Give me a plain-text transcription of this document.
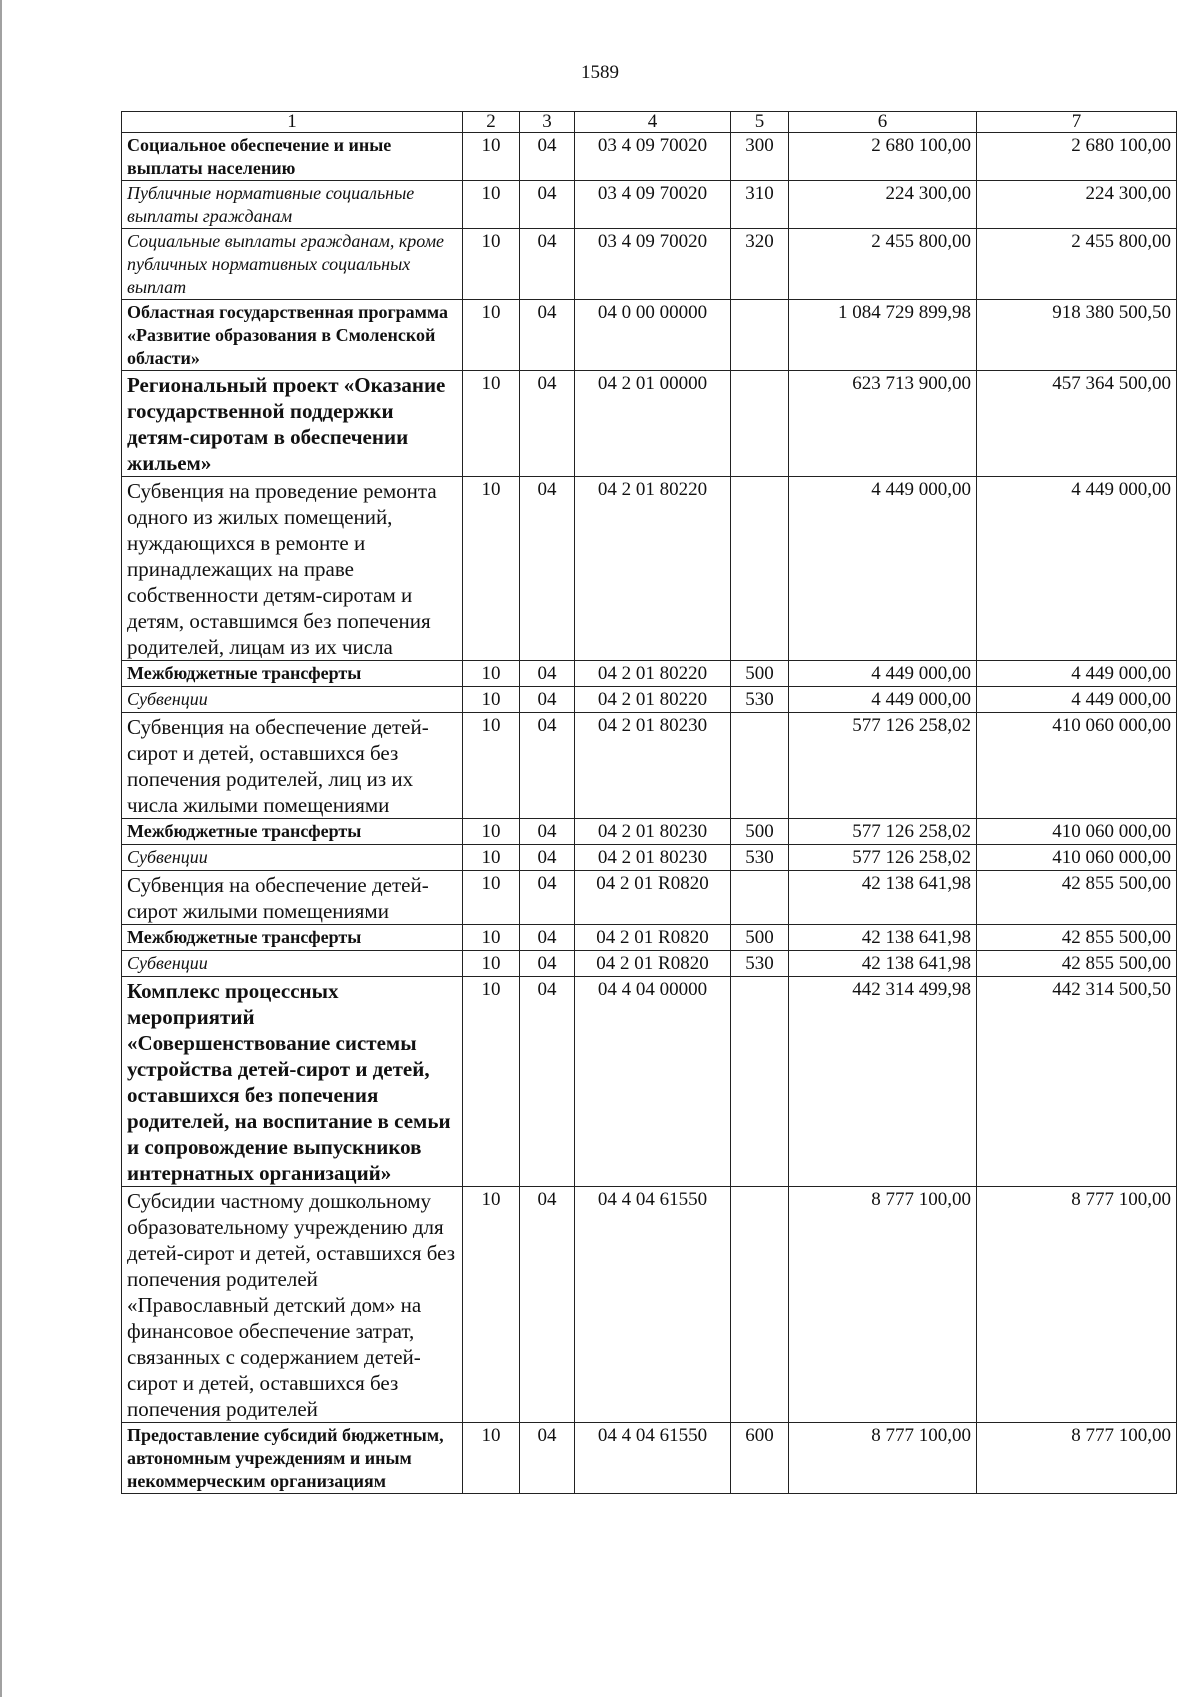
1589
1	2	3	4	5	6	7
Социальное обеспечение и иные выплаты населению	10	04	03 4 09 70020	300	2 680 100,00	2 680 100,00
Публичные нормативные социальные выплаты гражданам	10	04	03 4 09 70020	310	224 300,00	224 300,00
Социальные выплаты гражданам, кроме публичных нормативных социальных выплат	10	04	03 4 09 70020	320	2 455 800,00	2 455 800,00
Областная государственная программа «Развитие образования в Смоленской области»	10	04	04 0 00 00000		1 084 729 899,98	918 380 500,50
Региональный проект «Оказание государственной поддержки детям-сиротам в обеспечении жильем»	10	04	04 2 01 00000		623 713 900,00	457 364 500,00
Субвенция на проведение ремонта одного из жилых помещений, нуждающихся в ремонте и принадлежащих на праве собственности детям-сиротам и детям, оставшимся без попечения родителей, лицам из их числа	10	04	04 2 01 80220		4 449 000,00	4 449 000,00
Межбюджетные трансферты	10	04	04 2 01 80220	500	4 449 000,00	4 449 000,00
Субвенции	10	04	04 2 01 80220	530	4 449 000,00	4 449 000,00
Субвенция на обеспечение детей-сирот и детей, оставшихся без попечения родителей, лиц из их числа жилыми помещениями	10	04	04 2 01 80230		577 126 258,02	410 060 000,00
Межбюджетные трансферты	10	04	04 2 01 80230	500	577 126 258,02	410 060 000,00
Субвенции	10	04	04 2 01 80230	530	577 126 258,02	410 060 000,00
Субвенция на обеспечение детей-сирот жилыми помещениями	10	04	04 2 01 R0820		42 138 641,98	42 855 500,00
Межбюджетные трансферты	10	04	04 2 01 R0820	500	42 138 641,98	42 855 500,00
Субвенции	10	04	04 2 01 R0820	530	42 138 641,98	42 855 500,00
Комплекс процессных мероприятий «Совершенствование системы устройства детей-сирот и детей, оставшихся без попечения родителей, на воспитание в семьи и сопровождение выпускников интернатных организаций»	10	04	04 4 04 00000		442 314 499,98	442 314 500,50
Субсидии частному дошкольному образовательному учреждению для детей-сирот и детей, оставшихся без попечения родителей «Православный детский дом» на финансовое обеспечение затрат, связанных с содержанием детей-сирот и детей, оставшихся без попечения родителей	10	04	04 4 04 61550		8 777 100,00	8 777 100,00
Предоставление субсидий бюджетным, автономным учреждениям и иным некоммерческим организациям	10	04	04 4 04 61550	600	8 777 100,00	8 777 100,00
